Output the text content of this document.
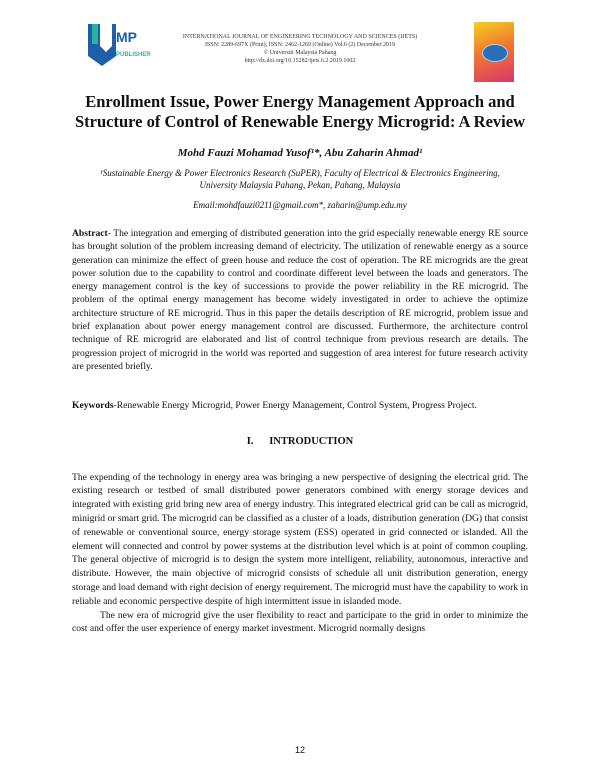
MP
PUBLISHER
INTERNATIONAL JOURNAL OF ENGINEERING TECHNOLOGY AND SCIENCES (IJETS)
ISSN: 2289-697X (Print); ISSN: 2462-1269 (Online) Vol.6 (2) December 2019
© Universiti Malaysia Pahang
http://dx.doi.org/10.15282/ijets.6.2.2019.1002
Enrollment Issue, Power Energy Management Approach and Structure of Control of Renewable Energy Microgrid: A Review
Mohd Fauzi Mohamad Yusof¹*, Abu Zaharin Ahmad¹
¹Sustainable Energy & Power Electronics Research (SuPER), Faculty of Electrical & Electronics Engineering,
University Malaysia Pahang, Pekan, Pahang, Malaysia
Email:mohdfauzi0211@gmail.com*, zaharin@ump.edu.my
Abstract- The integration and emerging of distributed generation into the grid especially renewable energy RE source has brought solution of the problem increasing demand of electricity. The utilization of renewable energy as a source generation can minimize the effect of green house and reduce the cost of operation. The RE microgrids are the great power solution due to the capability to control and coordinate different level between the loads and generators. The energy management control is the key of successions to provide the power reliability in the RE microgrid. The problem of the optimal energy management has become widely investigated in order to achieve the optimize architecture structure of RE microgrid. Thus in this paper the details description of RE microgrid, problem issue and brief explanation about power energy management control are discussed. Furthermore, the architecture control technique of RE microgrid are elaborated and list of control technique from previous research are details. The progression project of microgrid in the world was reported and suggestion of area interest for future research activity are presented briefly.
Keywords-Renewable Energy Microgrid, Power Energy Management, Control System, Progress Project.
I.      INTRODUCTION
The expending of the technology in energy area was bringing a new perspective of designing the electrical grid. The existing research or testbed of small distributed power generators combined with energy storage devices and integrated with existing grid bring new area of energy industry. This integrated electrical grid can be call as microgrid, minigrid or smart grid. The microgrid can be classified as a cluster of a loads, distribution generation (DG) that consist of renewable or conventional source, energy storage system (ESS) operated in grid connected or islanded. All the element will connected and control by power systems at the distribution level which is at point of common coupling. The general objective of microgrid is to design the system more intelligent, reliability, autonomous, interactive and distribute. However, the main objective of microgrid consists of schedule all unit distribution generation, energy storage and load demand with right decision of energy requirement. The microgrid must have the capability to work in reliable and economic perspective despite of high intermittent issue in islanded mode.
The new era of microgrid give the user flexibility to react and participate to the grid in order to minimize the cost and offer the user experience of energy market investment. Microgrid normally designs
12
